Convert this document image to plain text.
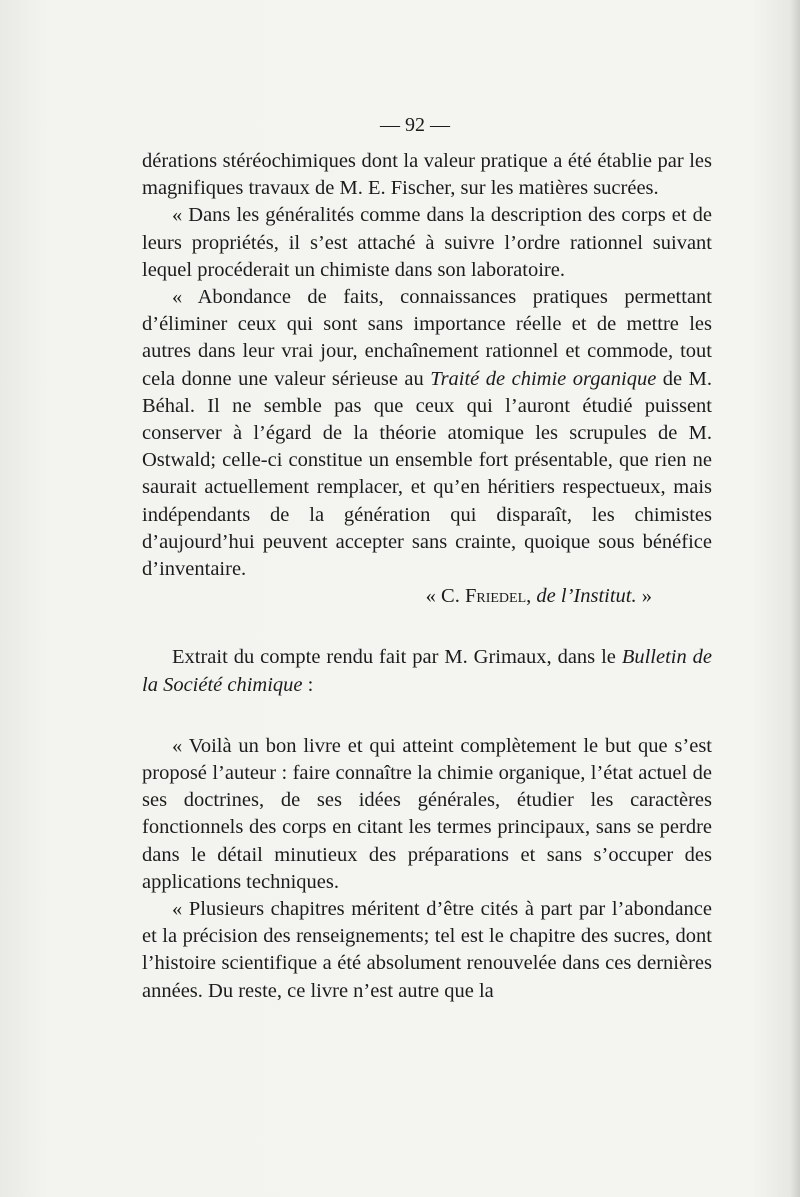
— 92 —

dérations stéréochimiques dont la valeur pratique a été établie par les magnifiques travaux de M. E. Fischer, sur les matières sucrées.

« Dans les généralités comme dans la description des corps et de leurs propriétés, il s’est attaché à suivre l’ordre rationnel suivant lequel procéderait un chimiste dans son laboratoire.

« Abondance de faits, connaissances pratiques permettant d’éliminer ceux qui sont sans importance réelle et de mettre les autres dans leur vrai jour, enchaînement rationnel et commode, tout cela donne une valeur sérieuse au Traité de chimie organique de M. Béhal. Il ne semble pas que ceux qui l’auront étudié puissent conserver à l’égard de la théorie atomique les scrupules de M. Ostwald; celle-ci constitue un ensemble fort présentable, que rien ne saurait actuellement remplacer, et qu’en héritiers respectueux, mais indépendants de la génération qui disparaît, les chimistes d’aujourd’hui peuvent accepter sans crainte, quoique sous bénéfice d’inventaire.

« C. Friedel, de l’Institut. »

Extrait du compte rendu fait par M. Grimaux, dans le Bulletin de la Société chimique :

« Voilà un bon livre et qui atteint complètement le but que s’est proposé l’auteur : faire connaître la chimie organique, l’état actuel de ses doctrines, de ses idées générales, étudier les caractères fonctionnels des corps en citant les termes principaux, sans se perdre dans le détail minutieux des préparations et sans s’occuper des applications techniques.

« Plusieurs chapitres méritent d’être cités à part par l’abondance et la précision des renseignements; tel est le chapitre des sucres, dont l’histoire scientifique a été absolument renouvelée dans ces dernières années. Du reste, ce livre n’est autre que la
